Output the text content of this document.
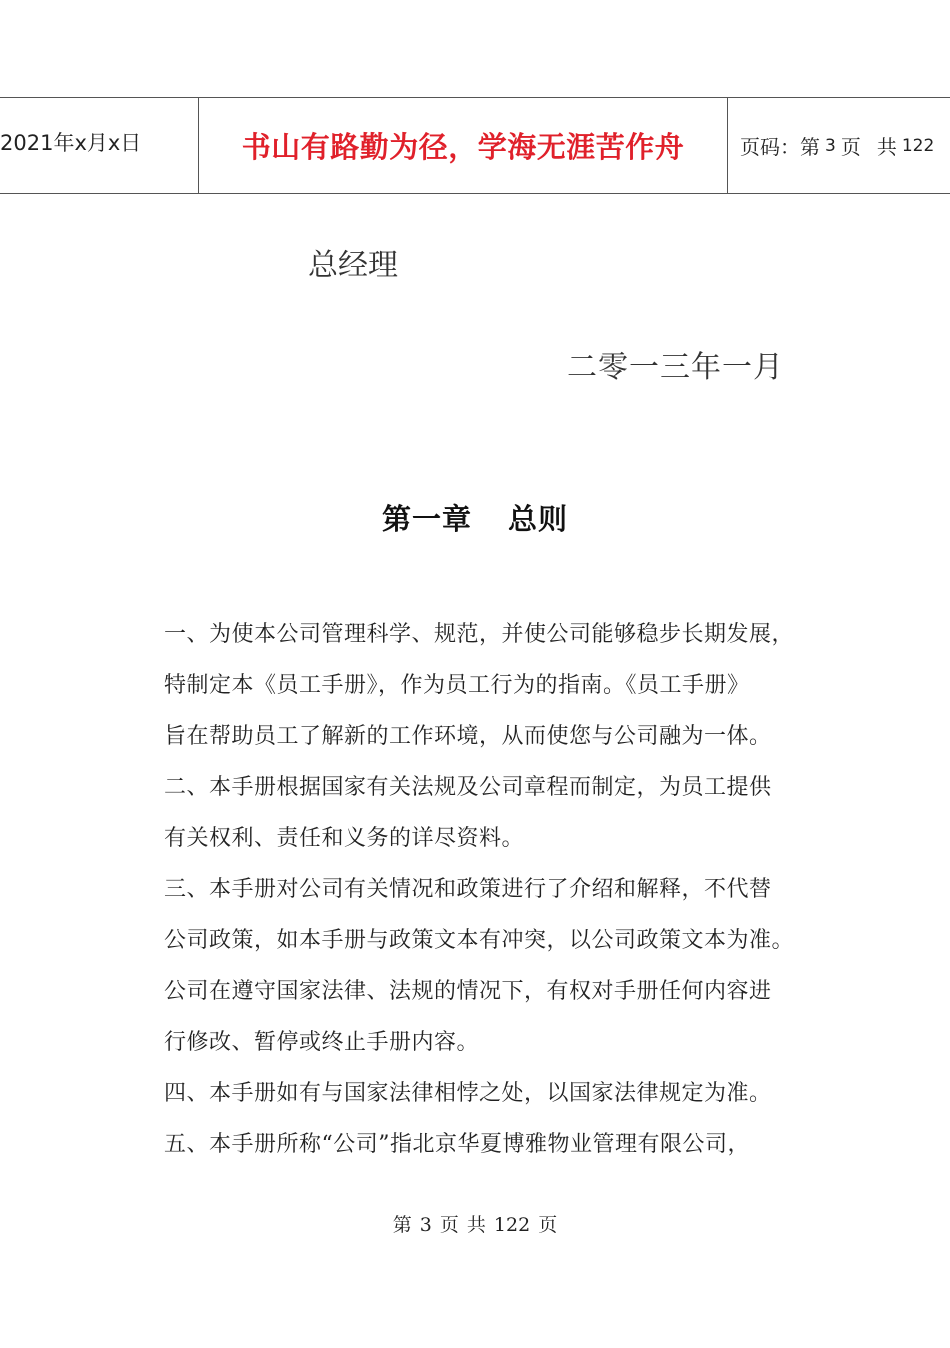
2021年x月x日	书山有路勤为径，学海无涯苦作舟	页码：第 3 页 共 122
总经理
二零一三年一月
第一章 总则
一、为使本公司管理科学、规范，并使公司能够稳步长期发展，
特制定本《员工手册》，作为员工行为的指南。《员工手册》
旨在帮助员工了解新的工作环境，从而使您与公司融为一体。
二、本手册根据国家有关法规及公司章程而制定，为员工提供
有关权利、责任和义务的详尽资料。
三、本手册对公司有关情况和政策进行了介绍和解释，不代替
公司政策，如本手册与政策文本有冲突，以公司政策文本为准。
公司在遵守国家法律、法规的情况下，有权对手册任何内容进
行修改、暂停或终止手册内容。
四、本手册如有与国家法律相悖之处，以国家法律规定为准。
五、本手册所称“公司”指北京华夏博雅物业管理有限公司，
第 3 页 共 122 页
